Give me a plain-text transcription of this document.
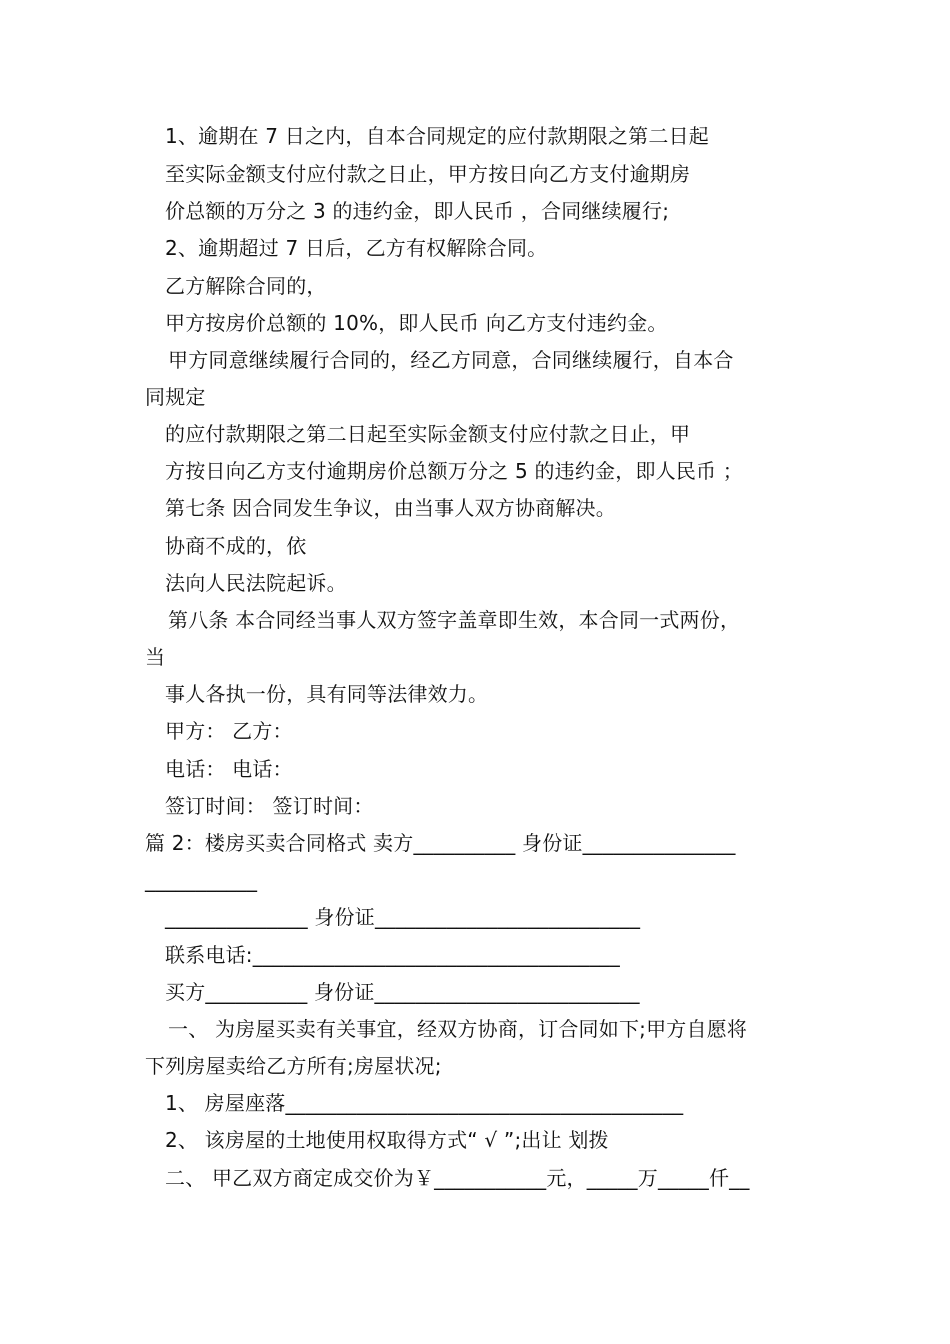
1、逾期在 7 日之内，自本合同规定的应付款期限之第二日起
至实际金额支付应付款之日止，甲方按日向乙方支付逾期房
价总额的万分之 3 的违约金，即人民币 ，合同继续履行;
2、逾期超过 7 日后，乙方有权解除合同。
乙方解除合同的，
甲方按房价总额的 10%，即人民币 向乙方支付违约金。
甲方同意继续履行合同的，经乙方同意，合同继续履行，自本合
同规定
的应付款期限之第二日起至实际金额支付应付款之日止，甲
方按日向乙方支付逾期房价总额万分之 5 的违约金，即人民币 ；
第七条 因合同发生争议，由当事人双方协商解决。
协商不成的，依
法向人民法院起诉。
第八条 本合同经当事人双方签字盖章即生效，本合同一式两份，
当
事人各执一份，具有同等法律效力。
甲方： 乙方：
电话： 电话：
签订时间： 签订时间：
篇 2：楼房买卖合同格式 卖方__________ 身份证_______________
___________
______________ 身份证__________________________
联系电话:____________________________________
买方__________ 身份证__________________________
一、 为房屋买卖有关事宜，经双方协商，订合同如下;甲方自愿将
下列房屋卖给乙方所有;房屋状况;
1、 房屋座落_______________________________________
2、 该房屋的土地使用权取得方式“ √ ”;出让 划拨
二、 甲乙双方商定成交价为￥___________元，_____万_____仟__
